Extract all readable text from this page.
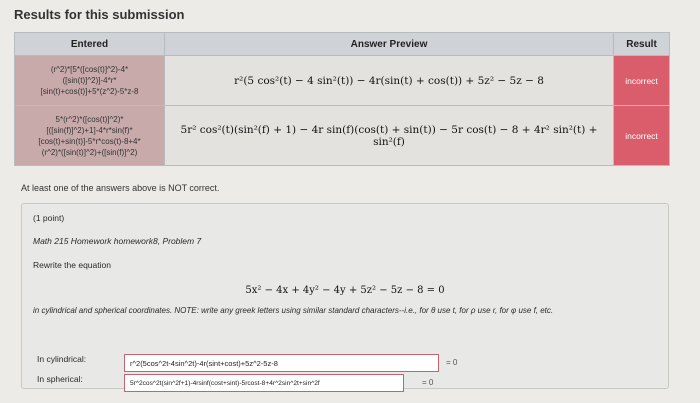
Results for this submission
Entered	Answer Preview	Result

(r^2)*[5*([cos(t)]^2)-4*
([sin(t)]^2)]-4*r*
[sin(t)+cos(t)]+5*(z^2)-5*z-8	r²(5 cos²(t) − 4 sin²(t)) − 4r(sin(t) + cos(t)) + 5z² − 5z − 8	incorrect

5*(r^2)*([cos(t)]^2)*
[([sin(f)]^2)+1]-4*r*sin(f)*
[cos(t)+sin(t)]-5*r*cos(t)-8+4*
(r^2)*([sin(t)]^2)+([sin(f)]^2)	5r² cos²(t)(sin²(f) + 1) − 4r sin(f)(cos(t) + sin(t)) − 5r cos(t) − 8 + 4r² sin²(t) + sin²(f)	incorrect
At least one of the answers above is NOT correct.
(1 point)
Math 215 Homework homework8, Problem 7
Rewrite the equation
5x² − 4x + 4y² − 4y + 5z² − 5z − 8 = 0
in cylindrical and spherical coordinates. NOTE: write any greek letters using similar standard characters--i.e., for θ use t, for ρ use r, for φ use f, etc.
In cylindrical:	r^2(5cos^2t-4sin^2t)-4r(sint+cost)+5z^2-5z-8	= 0
In spherical:	5r^2cos^2t(sin^2f+1)-4rsinf(cost+sint)-5rcost-8+4r^2sin^2t+sin^2f	= 0
